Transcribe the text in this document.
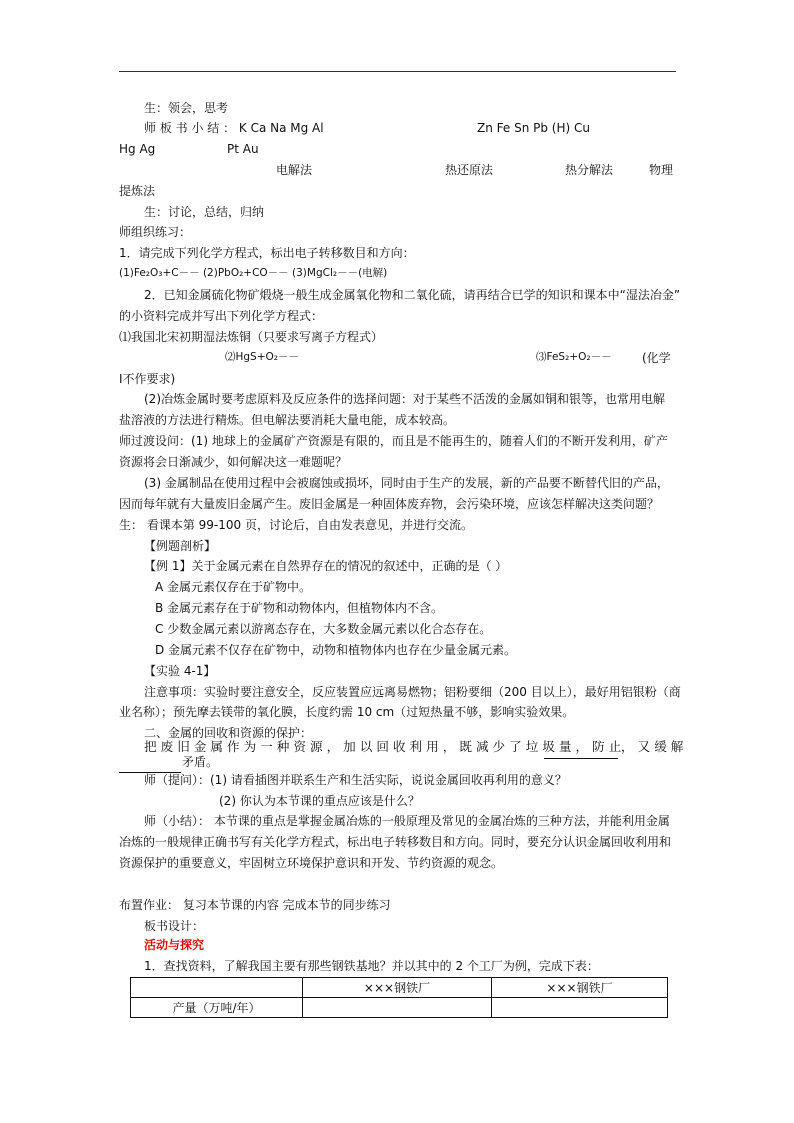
生：领会，思考
师 板 书 小 结 ： K Ca Na Mg Al	Zn Fe Sn Pb (H) Cu
Hg Ag	Pt Au
电解法	热还原法	热分解法	物理
提炼法
生：讨论，总结，归纳
师组织练习：
1．请完成下列化学方程式，标出电子转移数目和方向：
(1)Fe₂O₃+C－－ (2)PbO₂+CO－－ (3)MgCl₂－－(电解)
2．已知金属硫化物矿煅烧一般生成金属氧化物和二氧化硫，请再结合已学的知识和课本中“湿法冶金”
的小资料完成并写出下列化学方程式：
⑴我国北宋初期湿法炼铜（只要求写离子方程式）
⑵HgS+O₂－－	⑶FeS₂+O₂－－	(化学
Ⅰ不作要求)
(2)冶炼金属时要考虑原料及反应条件的选择问题：对于某些不活泼的金属如铜和银等，也常用电解
盐溶液的方法进行精炼。但电解法要消耗大量电能，成本较高。
师过渡设问：(1) 地球上的金属矿产资源是有限的，而且是不能再生的，随着人们的不断开发利用，矿产
资源将会日渐减少，如何解决这一难题呢？
(3) 金属制品在使用过程中会被腐蚀或损坏，同时由于生产的发展，新的产品要不断替代旧的产品，
因而每年就有大量废旧金属产生。废旧金属是一种固体废弃物，会污染环境，应该怎样解决这类问题？
生： 看课本第 99-100 页，讨论后，自由发表意见，并进行交流。
【例题剖析】
【例 1】关于金属元素在自然界存在的情况的叙述中，正确的是（ ）
A 金属元素仅存在于矿物中。
B 金属元素存在于矿物和动物体内，但植物体内不含。
C 少数金属元素以游离态存在，大多数金属元素以化合态存在。
D 金属元素不仅存在矿物中，动物和植物体内也存在少量金属元素。
【实验 4-1】
注意事项：实验时要注意安全，反应装置应远离易燃物；铝粉要细（200 目以上），最好用铝银粉（商
业名称）；预先摩去镁带的氧化膜，长度约需 10 cm（过短热量不够，影响实验效果。
二、金属的回收和资源的保护：
把 废 旧 金 属 作 为 一 种 资 源 ， 加 以 回 收 利 用 ， 既 减 少 了 垃 圾 量 ， 防 止 ， 又 缓 解
矛盾。
师（提问）：(1) 请看插图并联系生产和生活实际，说说金属回收再利用的意义？
(2) 你认为本节课的重点应该是什么？
师（小结）： 本节课的重点是掌握金属冶炼的一般原理及常见的金属冶炼的三种方法，并能利用金属
冶炼的一般规律正确书写有关化学方程式，标出电子转移数目和方向。同时，要充分认识金属回收利用和
资源保护的重要意义，牢固树立环境保护意识和开发、节约资源的观念。
布置作业： 复习本节课的内容 完成本节的同步练习
板书设计：
活动与探究
1．查找资料，了解我国主要有那些钢铁基地？并以其中的 2 个工厂为例，完成下表：
	×××钢铁厂	×××钢铁厂
产量（万吨/年）		
